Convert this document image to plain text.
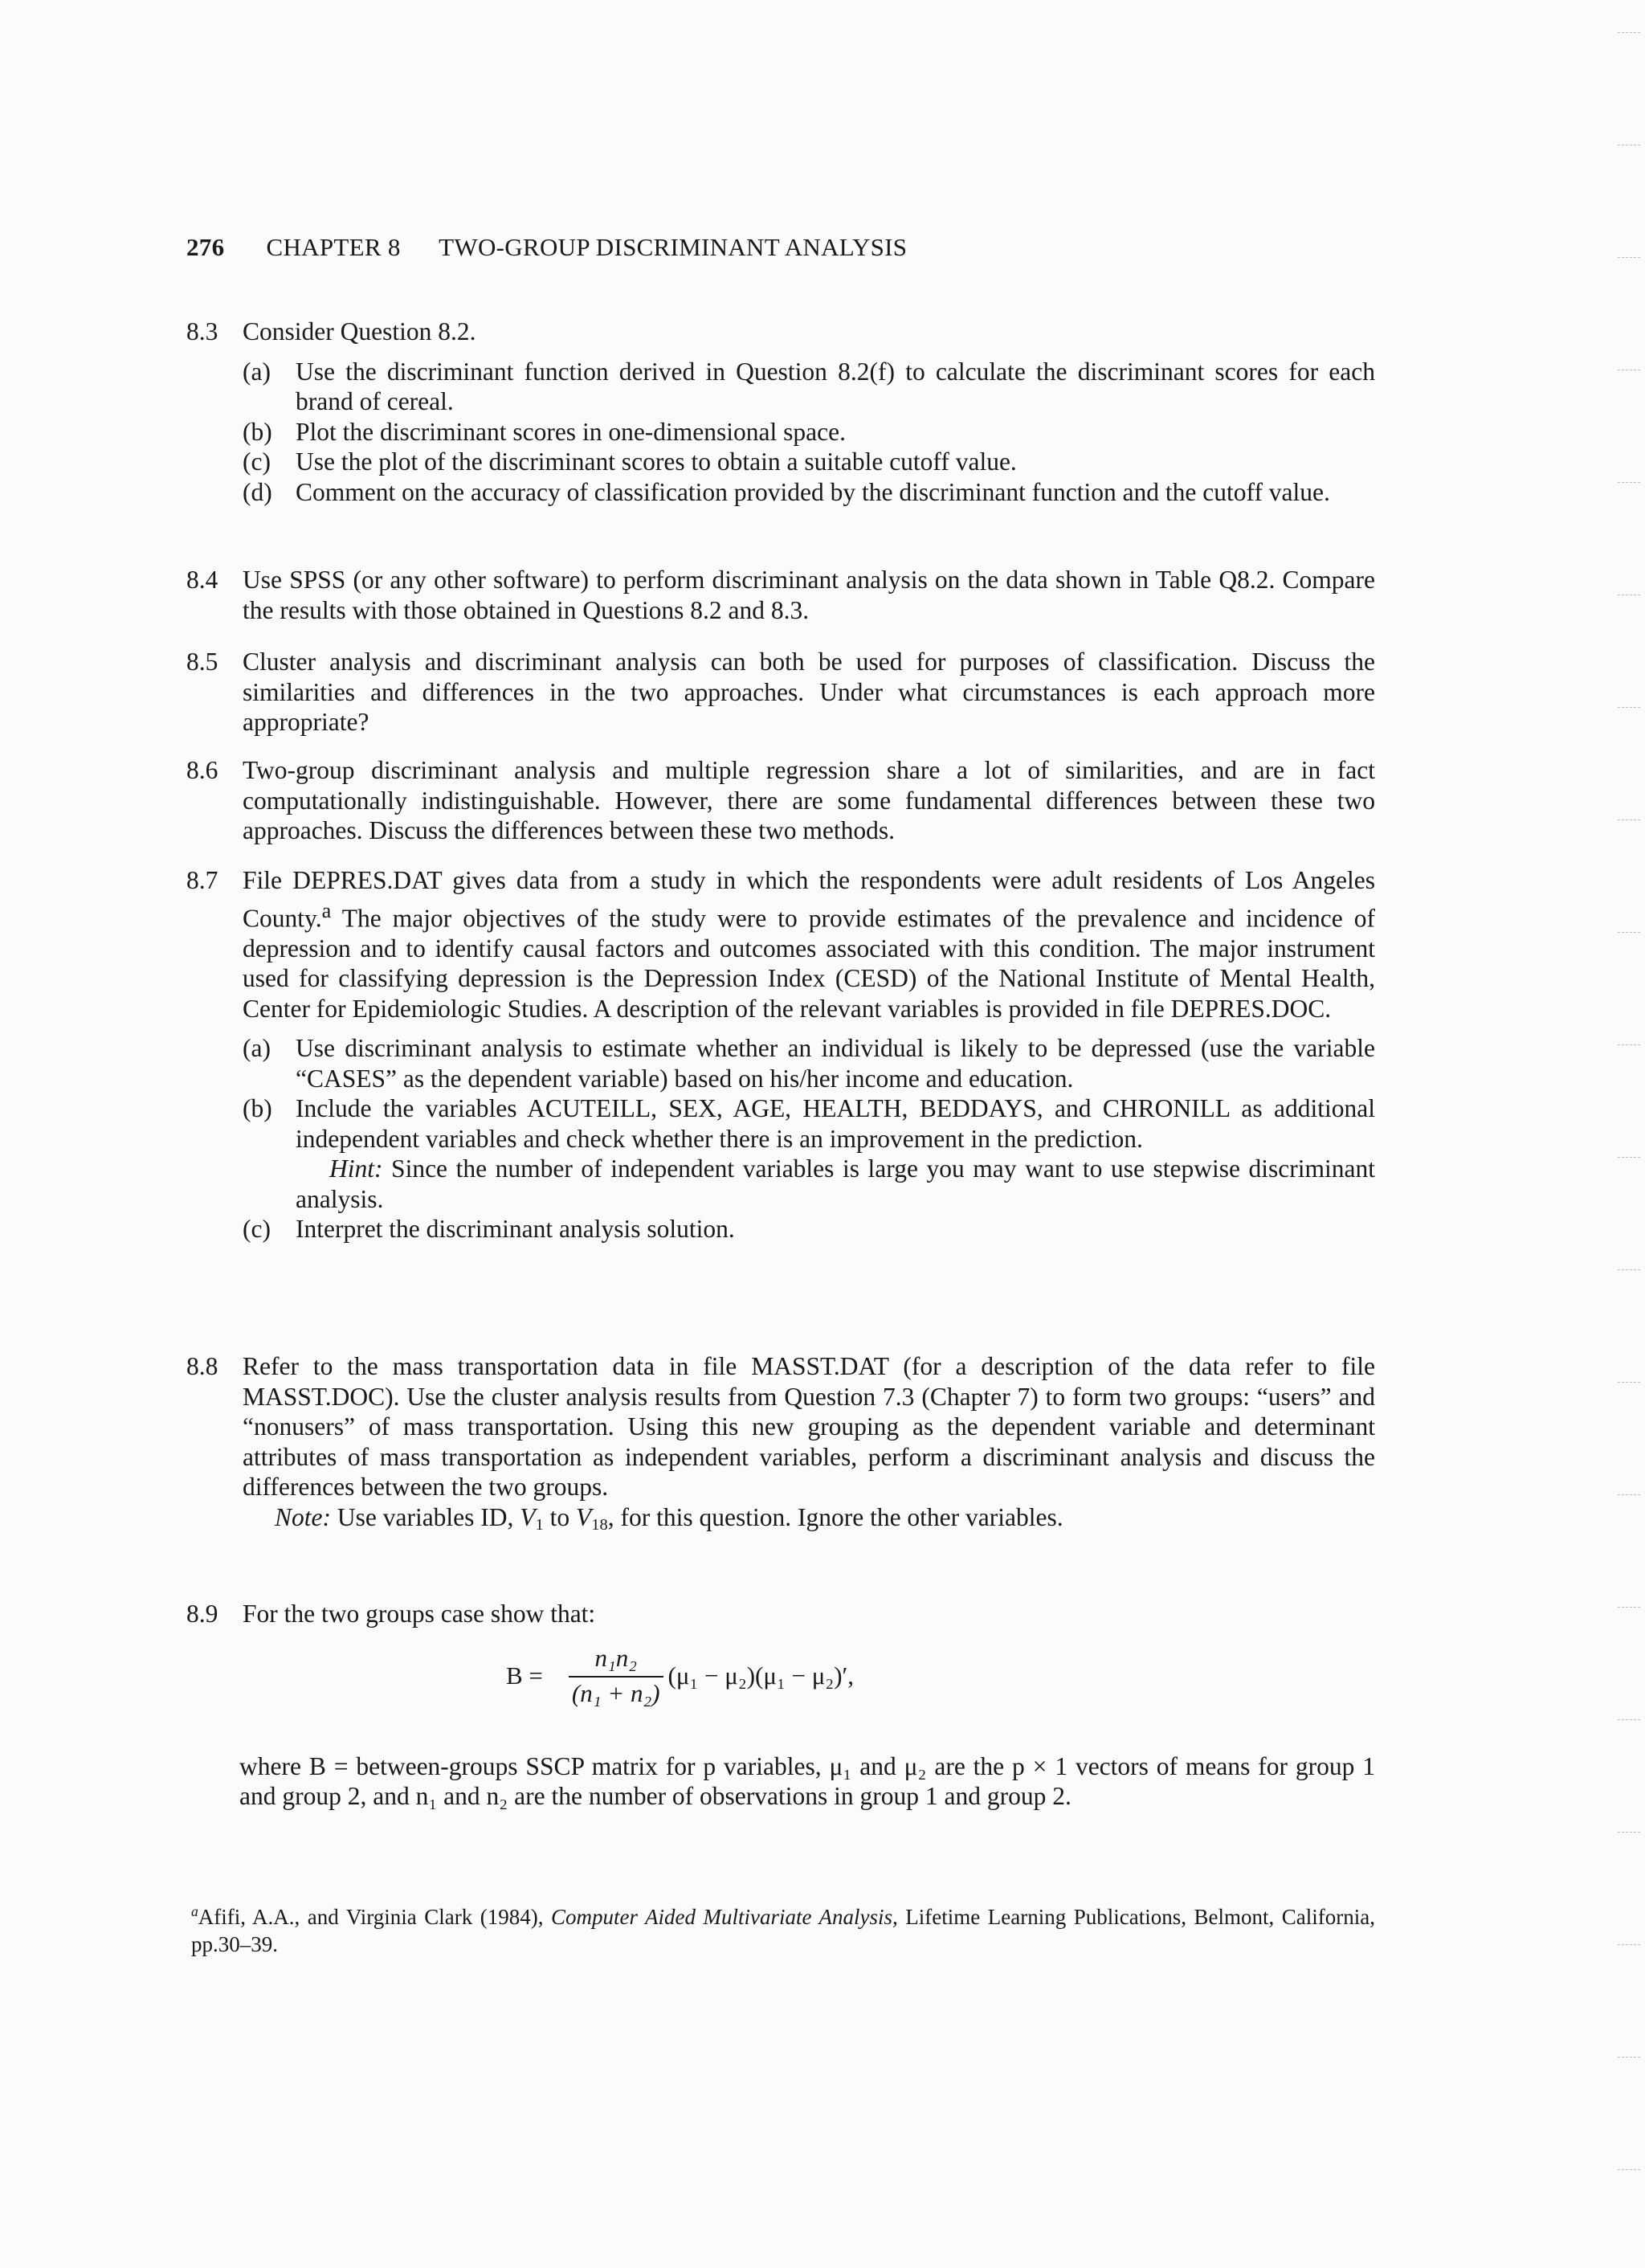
276 CHAPTER 8 TWO-GROUP DISCRIMINANT ANALYSIS
8.3 Consider Question 8.2.

(a) Use the discriminant function derived in Question 8.2(f) to calculate the discriminant scores for each brand of cereal.

(b) Plot the discriminant scores in one-dimensional space.

(c) Use the plot of the discriminant scores to obtain a suitable cutoff value.

(d) Comment on the accuracy of classification provided by the discriminant function and the cutoff value.

8.4 Use SPSS (or any other software) to perform discriminant analysis on the data shown in Table Q8.2. Compare the results with those obtained in Questions 8.2 and 8.3.

8.5 Cluster analysis and discriminant analysis can both be used for purposes of classification. Discuss the similarities and differences in the two approaches. Under what circumstances is each approach more appropriate?

8.6 Two-group discriminant analysis and multiple regression share a lot of similarities, and are in fact computationally indistinguishable. However, there are some fundamental differences between these two approaches. Discuss the differences between these two methods.

8.7 File DEPRES.DAT gives data from a study in which the respondents were adult residents of Los Angeles County.$^a$ The major objectives of the study were to provide estimates of the prevalence and incidence of depression and to identify causal factors and outcomes associated with this condition. The major instrument used for classifying depression is the Depression Index (CESD) of the National Institute of Mental Health, Center for Epidemiologic Studies. A description of the relevant variables is provided in file DEPRES.DOC.

(a) Use discriminant analysis to estimate whether an individual is likely to be depressed (use the variable “CASES” as the dependent variable) based on his/her income and education.

(b) Include the variables ACUTEILL, SEX, AGE, HEALTH, BEDDAYS, and CHRONILL as additional independent variables and check whether there is an improvement in the prediction.

Hint: Since the number of independent variables is large you may want to use stepwise discriminant analysis.

(c) Interpret the discriminant analysis solution.

8.8 Refer to the mass transportation data in file MASST.DAT (for a description of the data refer to file MASST.DOC). Use the cluster analysis results from Question 7.3 (Chapter 7) to form two groups: “users” and “nonusers” of mass transportation. Using this new grouping as the dependent variable and determinant attributes of mass transportation as independent variables, perform a discriminant analysis and discuss the differences between the two groups.

Note: Use variables ID, $V_1$ to $V_{18}$, for this question. Ignore the other variables.

8.9 For the two groups case show that:

$B = \frac{\text{n₁n₂}}{\text{(n₁ + n₂)}} (\mu_1 - \mu_2)(\mu_1 - \mu_2)'$,

where B = between-groups SSCP matrix for p variables, μ₁ and μ₂ are the p × 1 vectors of means for group 1 and group 2, and n₁ and n₂ are the number of observations in group 1 and group 2.

$^a$Afifi, A.A., and Virginia Clark (1984), Computer Aided Multivariate Analysis, Lifetime Learning Publications, Belmont, California, pp.30–39.
